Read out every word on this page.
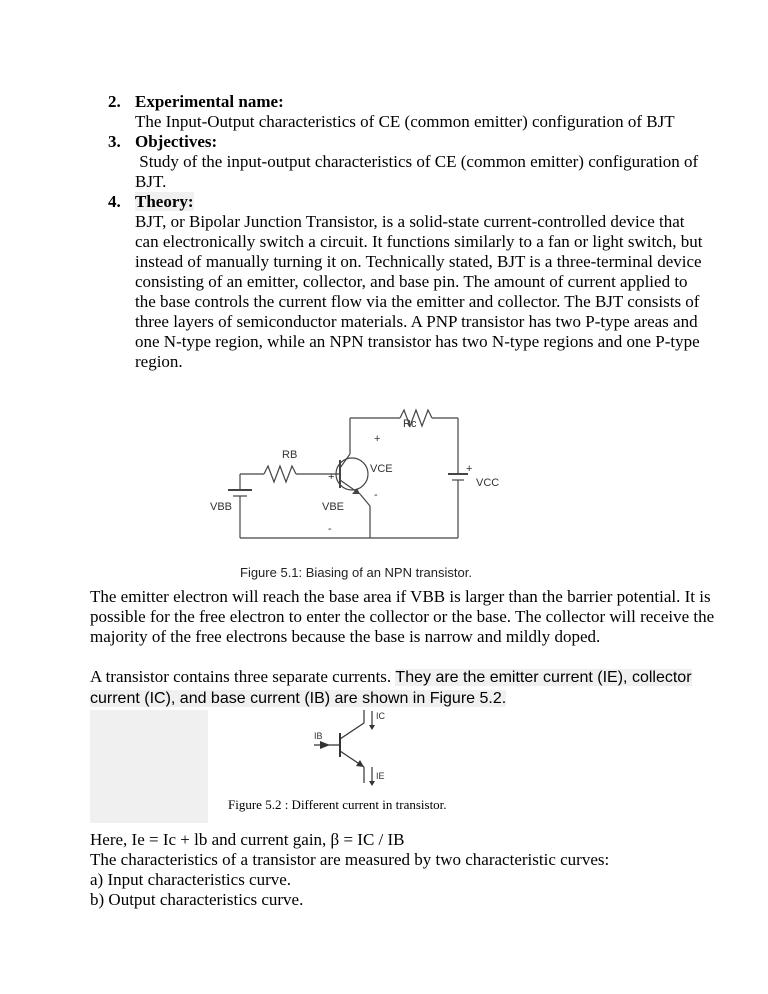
2. Experimental name:
The Input-Output characteristics of CE (common emitter) configuration of BJT
3. Objectives:
Study of the input-output characteristics of CE (common emitter) configuration of BJT.
4. Theory:
BJT, or Bipolar Junction Transistor, is a solid-state current-controlled device that can electronically switch a circuit. It functions similarly to a fan or light switch, but instead of manually turning it on. Technically stated, BJT is a three-terminal device consisting of an emitter, collector, and base pin. The amount of current applied to the base controls the current flow via the emitter and collector. The BJT consists of three layers of semiconductor materials. A PNP transistor has two P-type areas and one N-type region, while an NPN transistor has two N-type regions and one P-type region.
Rc
RB
VCE
VCC
VBB	VBE
+
-
+
-
+
Figure 5.1: Biasing of an NPN transistor.
The emitter electron will reach the base area if VBB is larger than the barrier potential. It is possible for the free electron to enter the collector or the base. The collector will receive the majority of the free electrons because the base is narrow and mildly doped.
A transistor contains three separate currents. They are the emitter current (IE), collector current (IC), and base current (IB) are shown in Figure 5.2.
IC
IB
IE
Figure 5.2 : Different current in transistor.
Here, Ie = Ic + lb and current gain, β = IC / IB
The characteristics of a transistor are measured by two characteristic curves:
a) Input characteristics curve.
b) Output characteristics curve.
